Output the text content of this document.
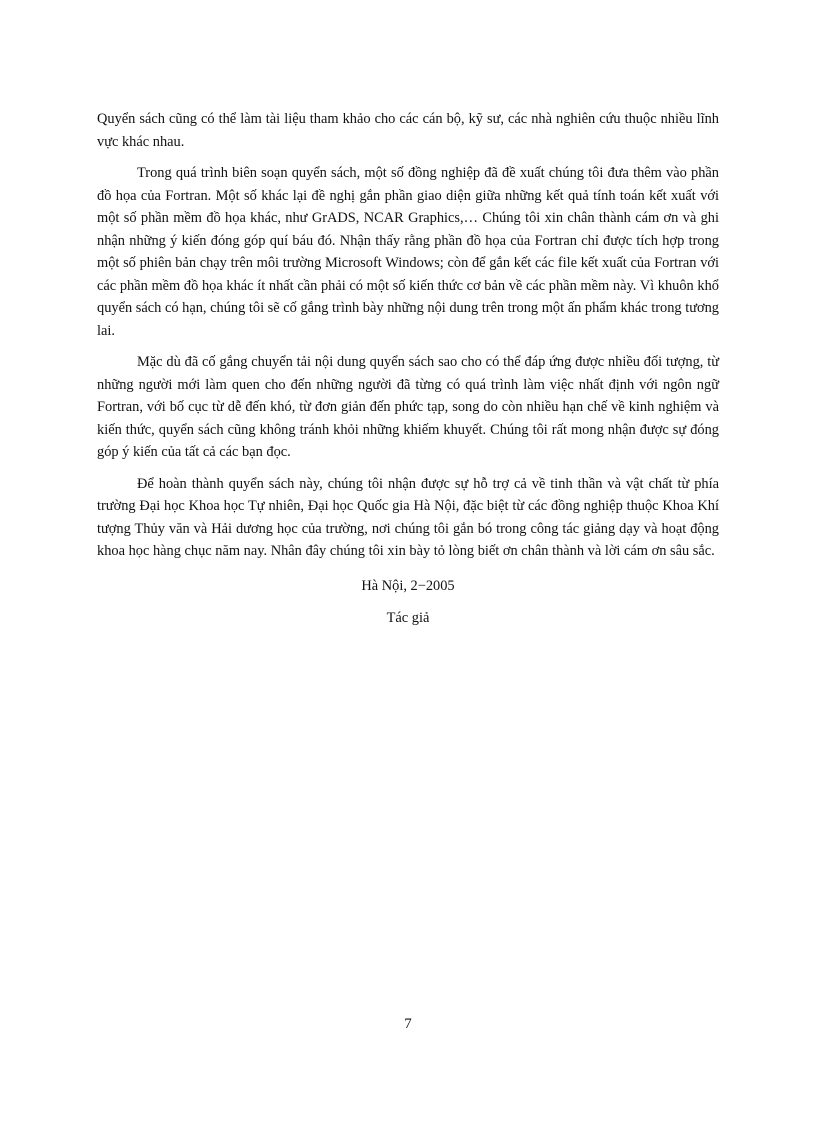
Quyển sách cũng có thể làm tài liệu tham khảo cho các cán bộ, kỹ sư, các nhà nghiên cứu thuộc nhiều lĩnh vực khác nhau.

Trong quá trình biên soạn quyển sách, một số đồng nghiệp đã đề xuất chúng tôi đưa thêm vào phần đồ họa của Fortran. Một số khác lại đề nghị gắn phần giao diện giữa những kết quả tính toán kết xuất với một số phần mềm đồ họa khác, như GrADS, NCAR Graphics,… Chúng tôi xin chân thành cám ơn và ghi nhận những ý kiến đóng góp quí báu đó. Nhận thấy rằng phần đồ họa của Fortran chỉ được tích hợp trong một số phiên bản chạy trên môi trường Microsoft Windows; còn để gắn kết các file kết xuất của Fortran với các phần mềm đồ họa khác ít nhất cần phải có một số kiến thức cơ bản về các phần mềm này. Vì khuôn khổ quyển sách có hạn, chúng tôi sẽ cố gắng trình bày những nội dung trên trong một ấn phẩm khác trong tương lai.

Mặc dù đã cố gắng chuyển tải nội dung quyển sách sao cho có thể đáp ứng được nhiều đối tượng, từ những người mới làm quen cho đến những người đã từng có quá trình làm việc nhất định với ngôn ngữ Fortran, với bố cục từ dễ đến khó, từ đơn giản đến phức tạp, song do còn nhiều hạn chế về kinh nghiệm và kiến thức, quyển sách cũng không tránh khỏi những khiếm khuyết. Chúng tôi rất mong nhận được sự đóng góp ý kiến của tất cả các bạn đọc.

Để hoàn thành quyển sách này, chúng tôi nhận được sự hỗ trợ cả về tinh thần và vật chất từ phía trường Đại học Khoa học Tự nhiên, Đại học Quốc gia Hà Nội, đặc biệt từ các đồng nghiệp thuộc Khoa Khí tượng Thủy văn và Hải dương học của trường, nơi chúng tôi gắn bó trong công tác giảng dạy và hoạt động khoa học hàng chục năm nay. Nhân đây chúng tôi xin bày tỏ lòng biết ơn chân thành và lời cám ơn sâu sắc.

Hà Nội, 2−2005

Tác giả

7
